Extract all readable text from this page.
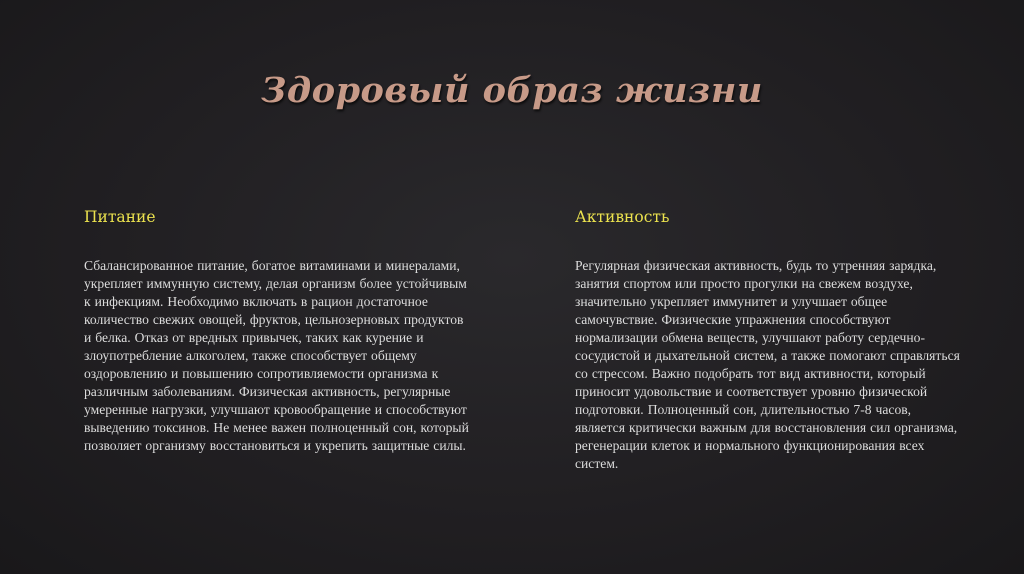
Здоровый образ жизни
Питание

Сбалансированное питание, богатое витаминами и минералами, укрепляет иммунную систему, делая организм более устойчивым к инфекциям. Необходимо включать в рацион достаточное количество свежих овощей, фруктов, цельнозерновых продуктов и белка. Отказ от вредных привычек, таких как курение и злоупотребление алкоголем, также способствует общему оздоровлению и повышению сопротивляемости организма к различным заболеваниям. Физическая активность, регулярные умеренные нагрузки, улучшают кровообращение и способствуют выведению токсинов. Не менее важен полноценный сон, который позволяет организму восстановиться и укрепить защитные силы.

Активность

Регулярная физическая активность, будь то утренняя зарядка, занятия спортом или просто прогулки на свежем воздухе, значительно укрепляет иммунитет и улучшает общее самочувствие. Физические упражнения способствуют нормализации обмена веществ, улучшают работу сердечно-сосудистой и дыхательной систем, а также помогают справляться со стрессом. Важно подобрать тот вид активности, который приносит удовольствие и соответствует уровню физической подготовки. Полноценный сон, длительностью 7-8 часов, является критически важным для восстановления сил организма, регенерации клеток и нормального функционирования всех систем.
